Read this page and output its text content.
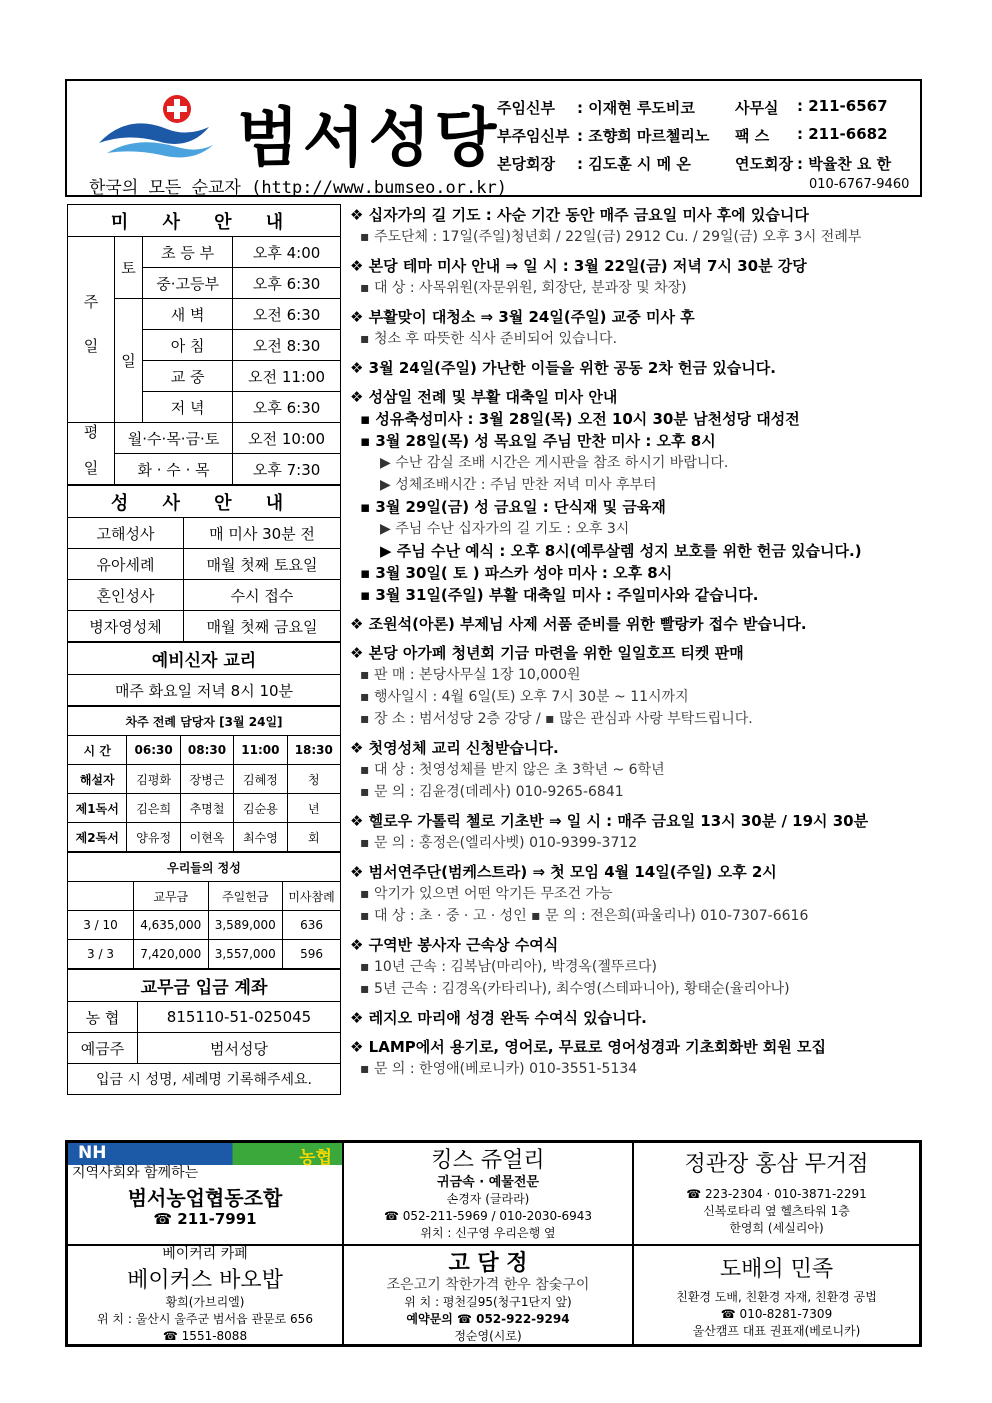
범서성당
한국의 모든 순교자 (http://www.bumseo.or.kr)
주임신부 : 이재현 루도비코
부주임신부 : 조향희 마르첼리노
본당회장 : 김도훈 시 메 온
사무실 : 211-6567
팩 스 : 211-6682
연도회장 : 박율찬 요 한
010-6767-9460
미 사 안 내			
주 일	토	초 등 부	오후 4:00
		중·고등부	오후 6:30
	일	새 벽	오전 6:30
		아 침	오전 8:30
		교 중	오전 11:00
		저 녁	오후 6:30
평 일	월·수·목·금·토		오전 10:00
	화 · 수 · 목		오후 7:30
성 사 안 내	
고해성사	매 미사 30분 전
유아세례	매월 첫째 토요일
혼인성사	수시 접수
병자영성체	매월 첫째 금요일
예비신자 교리
매주 화요일 저녁 8시 10분
차주 전례 담당자 [3월 24일]				
시 간	06:30	08:30	11:00	18:30
해설자	김평화	장병근	김혜정	청
제1독서	김은희	추명철	김순용	년
제2독서	양유정	이현옥	최수영	회
우리들의 정성			
	교무금	주일헌금	미사참례
3 / 10	4,635,000	3,589,000	636
3 / 3	7,420,000	3,557,000	596
교무금 입금 계좌	
농 협	815110-51-025045
예금주	범서성당
입금 시 성명, 세례명 기록해주세요.	
❖ 십자가의 길 기도 : 사순 기간 동안 매주 금요일 미사 후에 있습니다
▪ 주도단체 : 17일(주일)청년회 / 22일(금) 2912 Cu. / 29일(금) 오후 3시 전례부
❖ 본당 테마 미사 안내 ⇒ 일 시 : 3월 22일(금) 저녁 7시 30분 강당
▪ 대 상 : 사목위원(자문위원, 회장단, 분과장 및 차장)
❖ 부활맞이 대청소 ⇒ 3월 24일(주일) 교중 미사 후
▪ 청소 후 따뜻한 식사 준비되어 있습니다.
❖ 3월 24일(주일) 가난한 이들을 위한 공동 2차 헌금 있습니다.
❖ 성삼일 전례 및 부활 대축일 미사 안내
▪ 성유축성미사 : 3월 28일(목) 오전 10시 30분 남천성당 대성전
▪ 3월 28일(목) 성 목요일 주님 만찬 미사 : 오후 8시
▶ 수난 감실 조배 시간은 게시판을 참조 하시기 바랍니다.
▶ 성체조배시간 : 주님 만찬 저녁 미사 후부터
▪ 3월 29일(금) 성 금요일 : 단식재 및 금육재
▶ 주님 수난 십자가의 길 기도 : 오후 3시
▶ 주님 수난 예식 : 오후 8시(예루살렘 성지 보호를 위한 헌금 있습니다.)
▪ 3월 30일( 토 ) 파스카 성야 미사 : 오후 8시
▪ 3월 31일(주일) 부활 대축일 미사 : 주일미사와 같습니다.
❖ 조원석(아론) 부제님 사제 서품 준비를 위한 빨랑카 접수 받습니다.
❖ 본당 아가페 청년회 기금 마련을 위한 일일호프 티켓 판매
▪ 판 매 : 본당사무실 1장 10,000원
▪ 행사일시 : 4월 6일(토) 오후 7시 30분 ~ 11시까지
▪ 장 소 : 범서성당 2층 강당 / ▪ 많은 관심과 사랑 부탁드립니다.
❖ 첫영성체 교리 신청받습니다.
▪ 대 상 : 첫영성체를 받지 않은 초 3학년 ~ 6학년
▪ 문 의 : 김윤경(데레사) 010-9265-6841
❖ 헬로우 가톨릭 첼로 기초반 ⇒ 일 시 : 매주 금요일 13시 30분 / 19시 30분
▪ 문 의 : 홍정은(엘리사벳) 010-9399-3712
❖ 범서연주단(범케스트라) ⇒ 첫 모임 4월 14일(주일) 오후 2시
▪ 악기가 있으면 어떤 악기든 무조건 가능
▪ 대 상 : 초 · 중 · 고 · 성인 ▪ 문 의 : 전은희(파울리나) 010-7307-6616
❖ 구역반 봉사자 근속상 수여식
▪ 10년 근속 : 김복남(마리아), 박경옥(젤뚜르다)
▪ 5년 근속 : 김경옥(카타리나), 최수영(스테파니아), 황태순(율리아나)
❖ 레지오 마리애 성경 완독 수여식 있습니다.
❖ LAMP에서 용기로, 영어로, 무료로 영어성경과 기초회화반 회원 모집
▪ 문 의 : 한영애(베로니카) 010-3551-5134
NH	농협
지역사회와 함께하는
범서농업협동조합
☎ 211-7991
킹스 쥬얼리
귀금속 · 예물전문
손경자 (글라라)
☎ 052-211-5969 / 010-2030-6943
위치 : 신구영 우리은행 옆
정관장 홍삼 무거점
☎ 223-2304 · 010-3871-2291
신복로타리 옆 헬츠타워 1층
한영희 (세실리아)
베이커리 카페
베이커스 바오밥
황희(가브리엘)
위 치 : 울산시 울주군 범서읍 관문로 656
☎ 1551-8088
고 담 정
조은고기 착한가격 한우 참숯구이
위 치 : 평천길95(청구1단지 앞)
예약문의 ☎ 052-922-9294
정순영(시로)
도배의 민족
친환경 도배, 친환경 자재, 친환경 공법
☎ 010-8281-7309
울산캠프 대표 권표재(베로니카)
